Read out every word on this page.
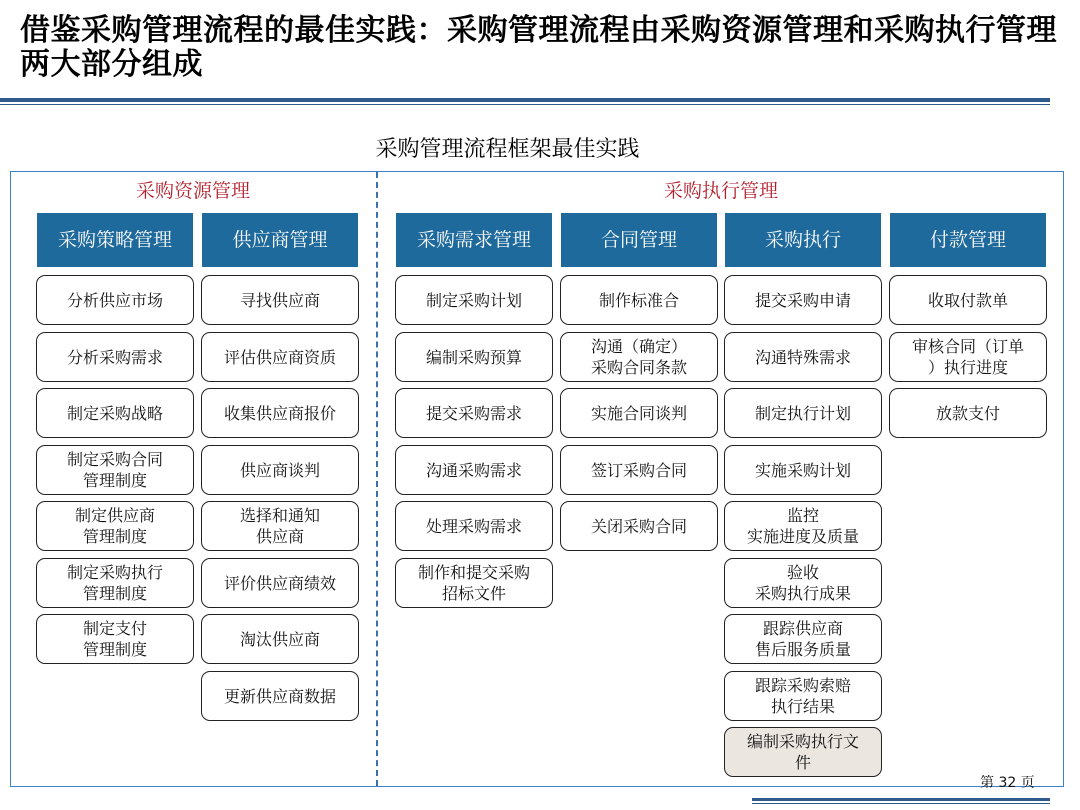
借鉴采购管理流程的最佳实践：采购管理流程由采购资源管理和采购执行管理两大部分组成
采购管理流程框架最佳实践
采购资源管理	采购执行管理
采购策略管理
分析供应市场
分析采购需求
制定采购战略
制定采购合同
管理制度
制定供应商
管理制度
制定采购执行
管理制度
制定支付
管理制度
供应商管理
寻找供应商
评估供应商资质
收集供应商报价
供应商谈判
选择和通知
供应商
评价供应商绩效
淘汰供应商
更新供应商数据
采购需求管理
制定采购计划
编制采购预算
提交采购需求
沟通采购需求
处理采购需求
制作和提交采购
招标文件
合同管理
制作标准合
沟通（确定）
采购合同条款
实施合同谈判
签订采购合同
关闭采购合同
采购执行
提交采购申请
沟通特殊需求
制定执行计划
实施采购计划
监控
实施进度及质量
验收
采购执行成果
跟踪供应商
售后服务质量
跟踪采购索赔
执行结果
编制采购执行文
件
付款管理
收取付款单
审核合同（订单
）执行进度
放款支付
第 32 页
